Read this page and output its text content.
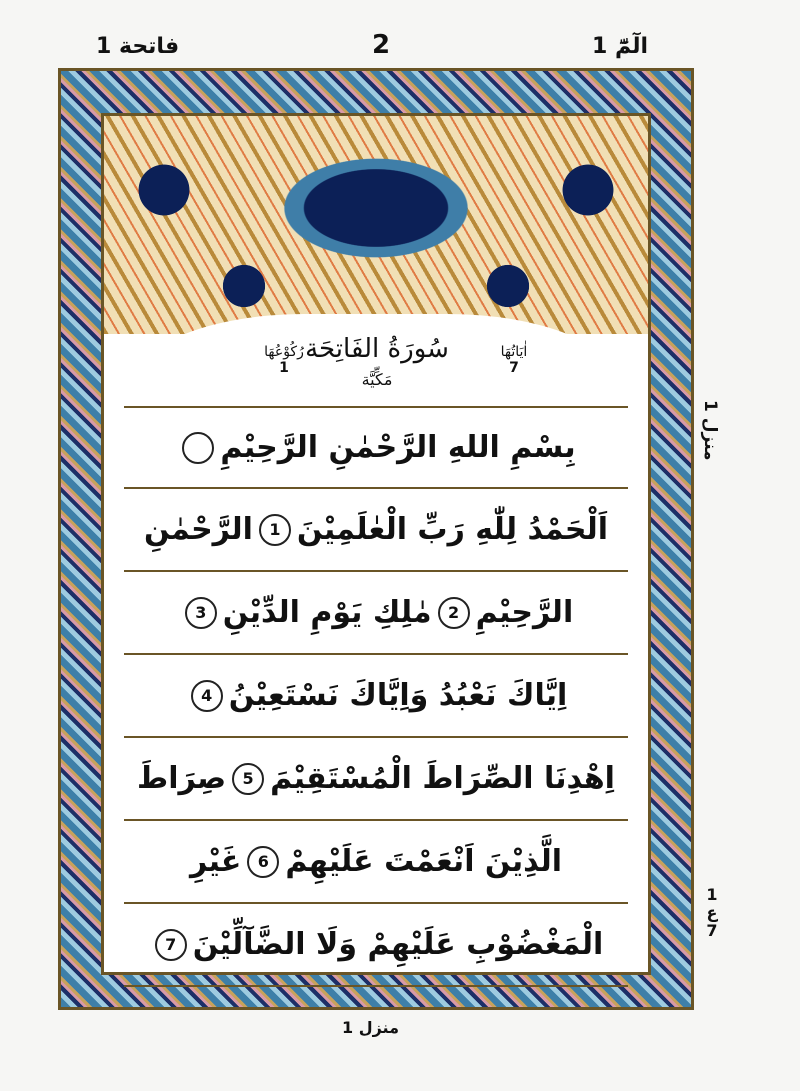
فاتحة 1	2	الٓمّٓ 1
اٰيَاتُهَا
7
سُورَةُ الفَاتِحَة
مَكِّيَّة
رُكُوْعُهَا
1
بِسْمِ اللهِ الرَّحْمٰنِ الرَّحِيْمِ
اَلْحَمْدُ لِلّٰهِ رَبِّ الْعٰلَمِيْنَ
1
الرَّحْمٰنِ
الرَّحِيْمِ
2
مٰلِكِ يَوْمِ الدِّيْنِ
3
اِيَّاكَ نَعْبُدُ وَاِيَّاكَ نَسْتَعِيْنُ
4
اِهْدِنَا الصِّرَاطَ الْمُسْتَقِيْمَ
5
صِرَاطَ
الَّذِيْنَ اَنْعَمْتَ عَلَيْهِمْ
6
غَيْرِ
الْمَغْضُوْبِ عَلَيْهِمْ وَلَا الضَّآلِّيْنَ
7
منزل 1
1
ع
7
منزل 1
